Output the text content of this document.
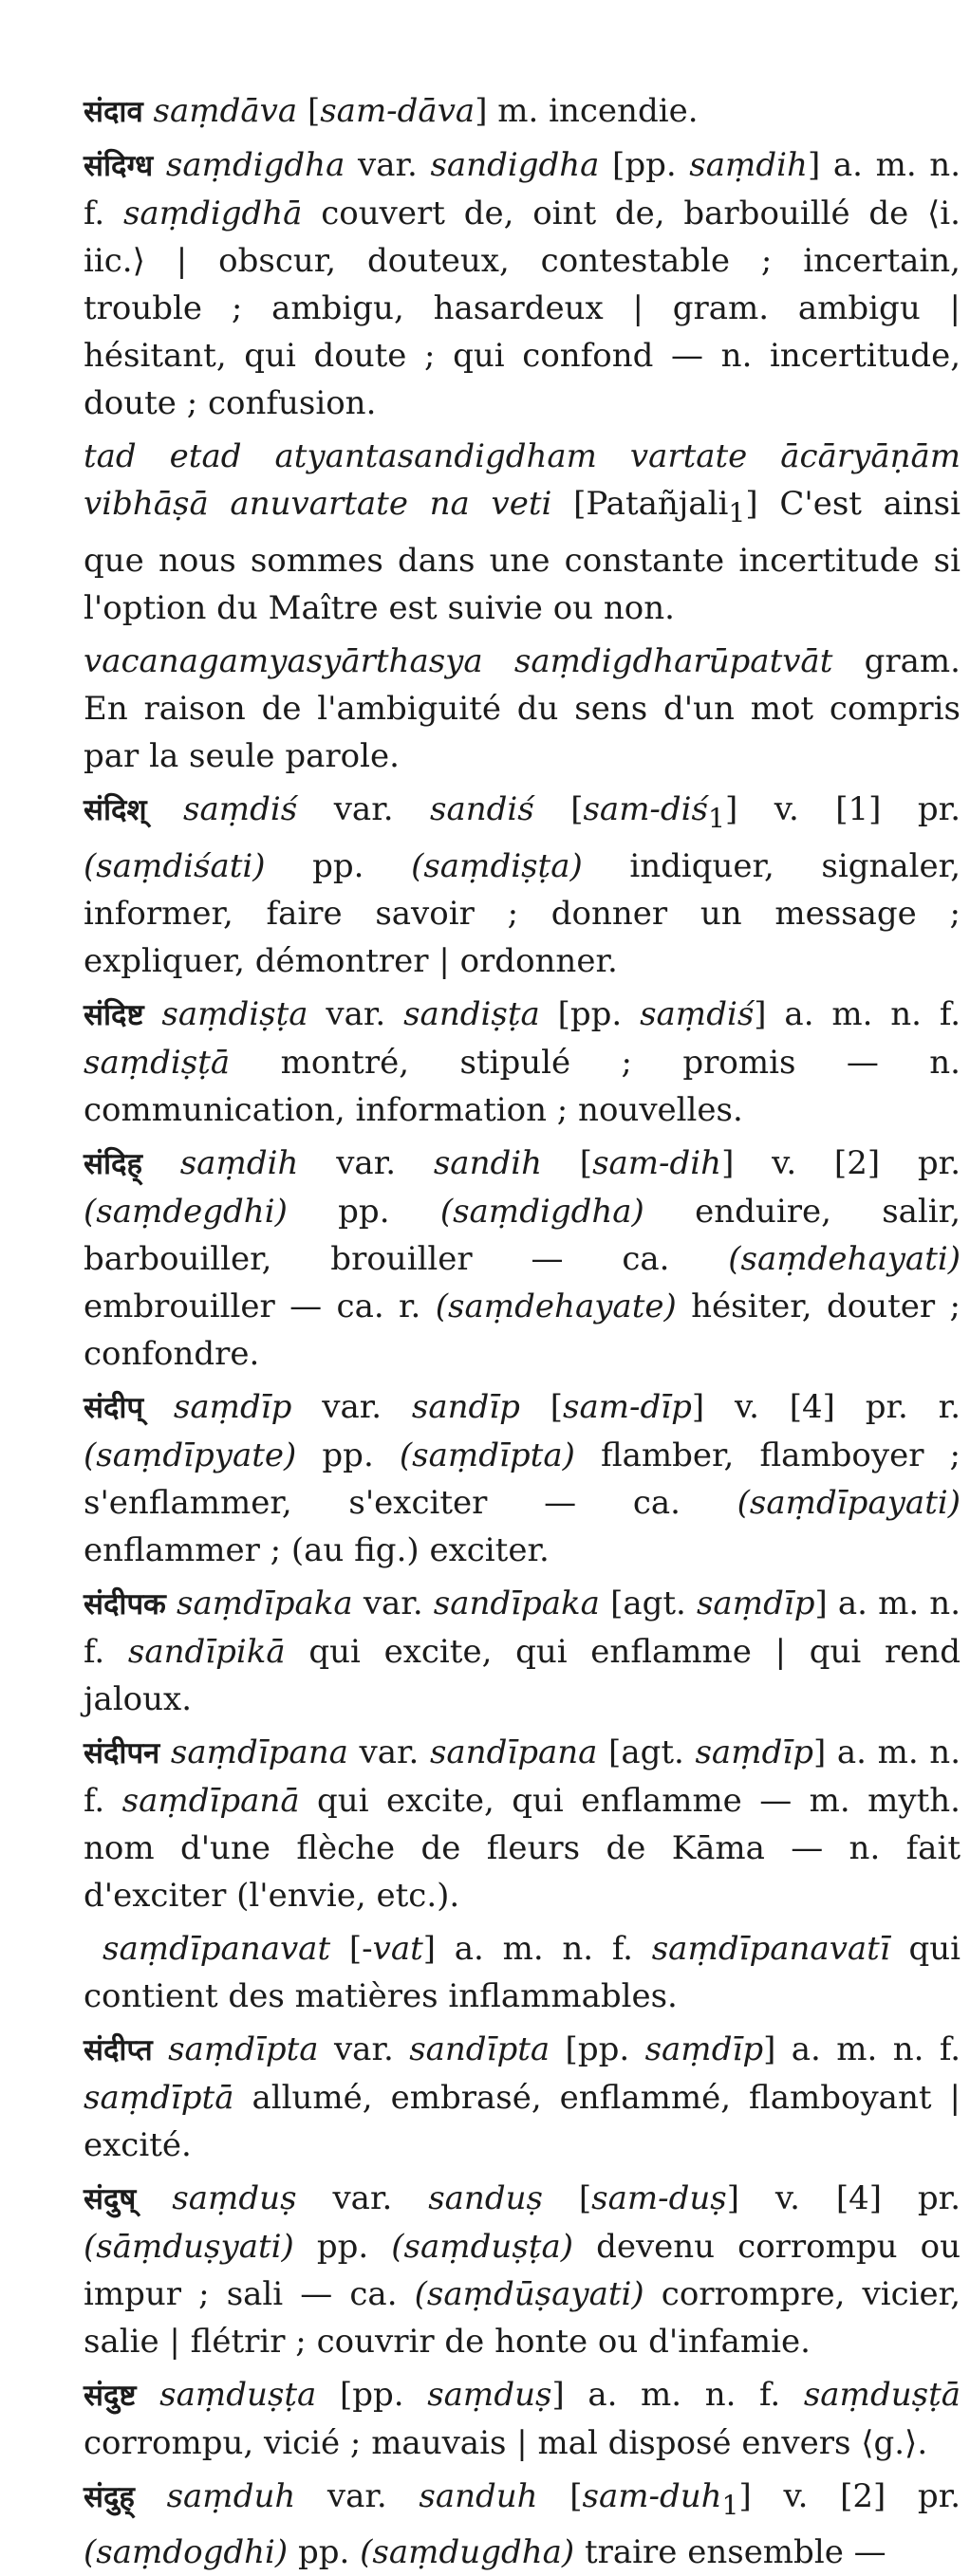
संदाव saṃdāva [sam-dāva] m. incendie.
संदिग्ध saṃdigdha var. sandigdha [pp. saṃdih] a. m. n. f. saṃdigdhā couvert de, oint de, barbouillé de ⟨i. iic.⟩ | obscur, douteux, contestable ; incertain, trouble ; ambigu, hasardeux | gram. ambigu | hésitant, qui doute ; qui confond — n. incertitude, doute ; confusion.
tad etad atyantasandigdham vartate ācāryāṇām vibhāṣā anuvartate na veti [Patañjali$_1$] C'est ainsi que nous sommes dans une constante incertitude si l'option du Maître est suivie ou non.
vacanagamyasyārthasya saṃdigdharūpatvāt gram. En raison de l'ambiguité du sens d'un mot compris par la seule parole.
संदिश् saṃdiś var. sandiś [sam-diś$_1$] v. [1] pr. (saṃdiśati) pp. (saṃdiṣṭa) indiquer, signaler, informer, faire savoir ; donner un message ; expliquer, démontrer | ordonner.
संदिष्ट saṃdiṣṭa var. sandiṣṭa [pp. saṃdiś] a. m. n. f. saṃdiṣṭā montré, stipulé ; promis — n. communication, information ; nouvelles.
संदिह् saṃdih var. sandih [sam-dih] v. [2] pr. (saṃdegdhi) pp. (saṃdigdha) enduire, salir, barbouiller, brouiller — ca. (saṃdehayati) embrouiller — ca. r. (saṃdehayate) hésiter, douter ; confondre.
संदीप् saṃdīp var. sandīp [sam-dīp] v. [4] pr. r. (saṃdīpyate) pp. (saṃdīpta) flamber, flamboyer ; s'enflammer, s'exciter — ca. (saṃdīpayati) enflammer ; (au fig.) exciter.
संदीपक saṃdīpaka var. sandīpaka [agt. saṃdīp] a. m. n. f. sandīpikā qui excite, qui enflamme | qui rend jaloux.
संदीपन saṃdīpana var. sandīpana [agt. saṃdīp] a. m. n. f. saṃdīpanā qui excite, qui enflamme — m. myth. nom d'une flèche de fleurs de Kāma — n. fait d'exciter (l'envie, etc.).
saṃdīpanavat [-vat] a. m. n. f. saṃdīpanavatī qui contient des matières inflammables.
संदीप्त saṃdīpta var. sandīpta [pp. saṃdīp] a. m. n. f. saṃdīptā allumé, embrasé, enflammé, flamboyant | excité.
संदुष् saṃduṣ var. sanduṣ [sam-duṣ] v. [4] pr. (sāṃduṣyati) pp. (saṃduṣṭa) devenu corrompu ou impur ; sali — ca. (saṃdūṣayati) corrompre, vicier, salie | flétrir ; couvrir de honte ou d'infamie.
संदुष्ट saṃduṣṭa [pp. saṃduṣ] a. m. n. f. saṃduṣṭā corrompu, vicié ; mauvais | mal disposé envers ⟨g.⟩.
संदुह् saṃduh var. sanduh [sam-duh$_1$] v. [2] pr. (saṃdogdhi) pp. (saṃdugdha) traire ensemble —
